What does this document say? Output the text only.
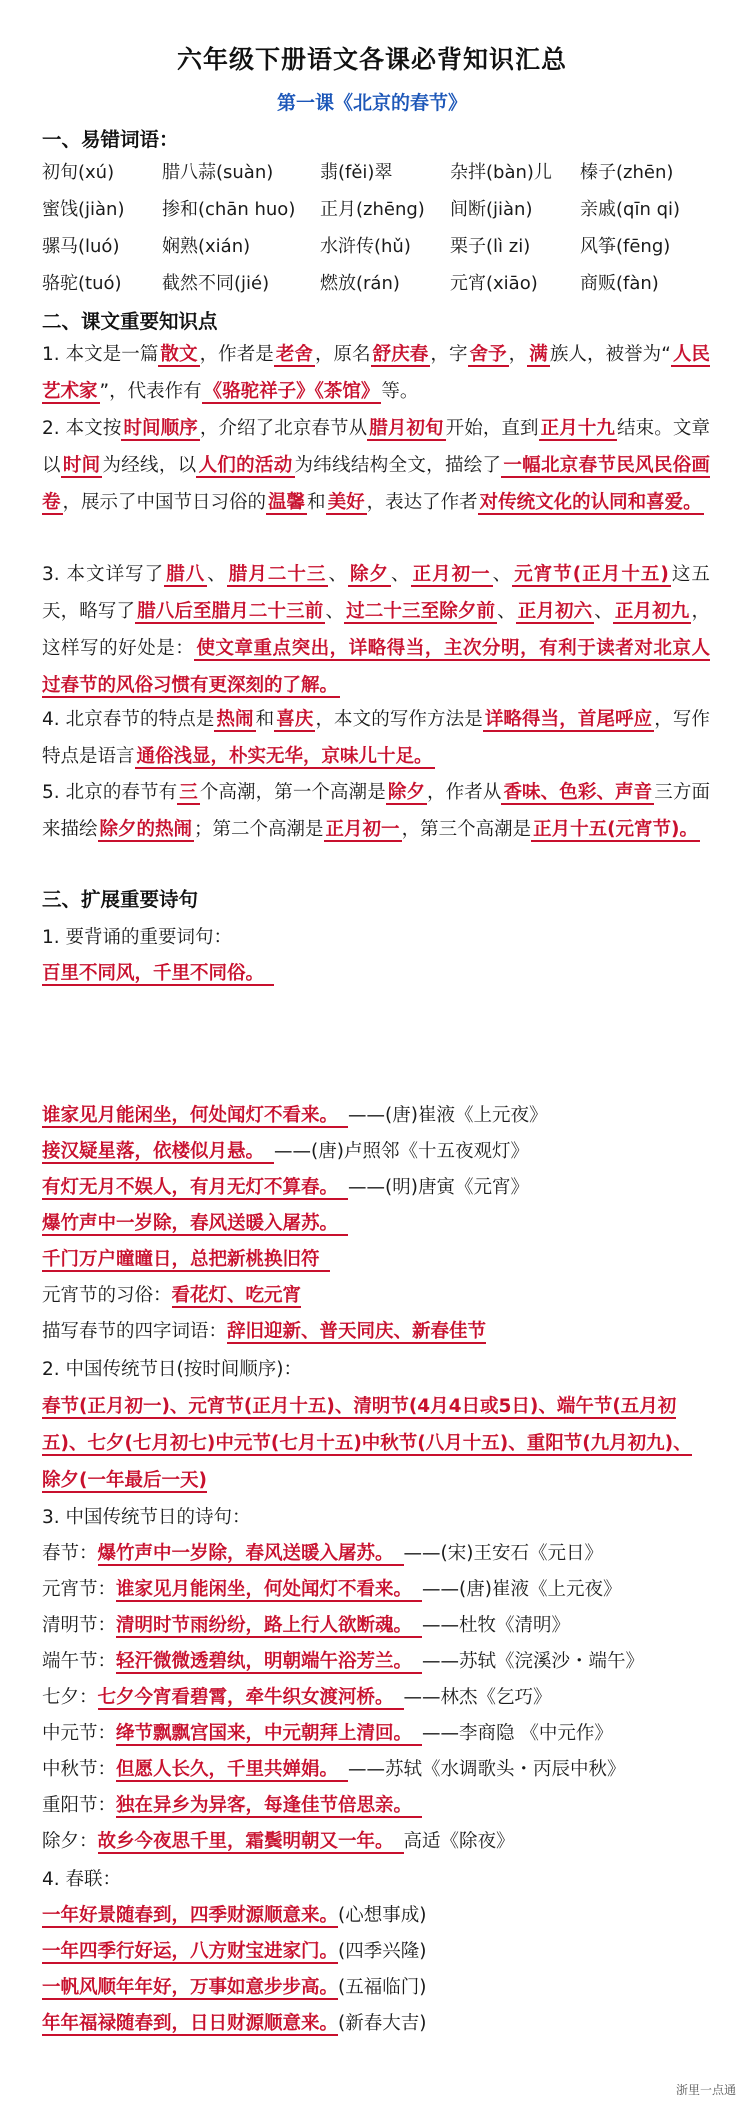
六年级下册语文各课必背知识汇总
第一课《北京的春节》
一、易错词语：
初旬(xú)	腊八蒜(suàn)	翡(fěi)翠	杂拌(bàn)儿 榛子(zhēn)
蜜饯(jiàn) 掺和(chān huo) 正月(zhēng) 间断(jiàn)	亲戚(qīn qi)
骡马(luó) 娴熟(xián)	水浒传(hǔ) 栗子(lì zi)	风筝(fēng)
骆驼(tuó) 截然不同(jié)	燃放(rán)	元宵(xiāo) 商贩(fàn)
二、课文重要知识点
1. 本文是一篇 散文 ，作者是 老舍 ，原名 舒庆春 ，字 舍予 ， 满 族人，被誉为“ 人民艺术家 ”，代表作有 《骆驼祥子》《茶馆》 等。
2. 本文按 时间顺序 ，介绍了北京春节从 腊月初旬 开始，直到 正月十九 结束。文章以 时间 为经线，以 人们的活动 为纬线结构全文，描绘了 一幅北京春节民风民俗画卷 ，展示了中国节日习俗的 温馨 和 美好 ，表达了作者 对传统文化的认同和喜爱。
3. 本文详写了 腊八 、 腊月二十三 、 除夕 、 正月初一 、 元宵节(正月十五) 这五天，略写了 腊八后至腊月二十三前 、 过二十三至除夕前 、 正月初六 、 正月初九 ，这样写的好处是： 使文章重点突出，详略得当，主次分明，有利于读者对北京人过春节的风俗习惯有更深刻的了解。
4. 北京春节的特点是 热闹 和 喜庆 ，本文的写作方法是 详略得当，首尾呼应 ，写作特点是语言 通俗浅显，朴实无华，京味儿十足。
5. 北京的春节有 三 个高潮，第一个高潮是 除夕 ，作者从 香味、色彩、声音 三方面来描绘 除夕的热闹 ；第二个高潮是 正月初一 ，第三个高潮是 正月十五(元宵节)。
三、扩展重要诗句
1. 要背诵的重要词句：
百里不同风，千里不同俗。
谁家见月能闲坐，何处闻灯不看来。 ——(唐)崔液《上元夜》
接汉疑星落，依楼似月悬。 ——(唐)卢照邻《十五夜观灯》
有灯无月不娱人，有月无灯不算春。 ——(明)唐寅《元宵》
爆竹声中一岁除，春风送暖入屠苏。
千门万户曈曈日，总把新桃换旧符
元宵节的习俗：看花灯、吃元宵
描写春节的四字词语：辞旧迎新、普天同庆、新春佳节
2. 中国传统节日(按时间顺序)：
春节(正月初一)、元宵节(正月十五)、清明节(4月4日或5日)、端午节(五月初五)、七夕(七月初七)中元节(七月十五)中秋节(八月十五)、重阳节(九月初九)、 除夕(一年最后一天)
3. 中国传统节日的诗句：
春节：爆竹声中一岁除，春风送暖入屠苏。 ——(宋)王安石《元日》
元宵节：谁家见月能闲坐，何处闻灯不看来。 ——(唐)崔液《上元夜》
清明节：清明时节雨纷纷，路上行人欲断魂。 ——杜牧《清明》
端午节：轻汗微微透碧纨，明朝端午浴芳兰。 ——苏轼《浣溪沙・端午》
七夕：七夕今宵看碧霄，牵牛织女渡河桥。 ——林杰《乞巧》
中元节：绛节飘飘宫国来，中元朝拜上清回。 ——李商隐 《中元作》
中秋节：但愿人长久，千里共婵娟。 ——苏轼《水调歌头・丙辰中秋》
重阳节：独在异乡为异客，每逢佳节倍思亲。
除夕：故乡今夜思千里，霜鬓明朝又一年。 高适《除夜》
4. 春联：
一年好景随春到，四季财源顺意来。(心想事成)
一年四季行好运，八方财宝进家门。(四季兴隆)
一帆风顺年年好，万事如意步步高。(五福临门)
年年福禄随春到，日日财源顺意来。(新春大吉)
浙里一点通
